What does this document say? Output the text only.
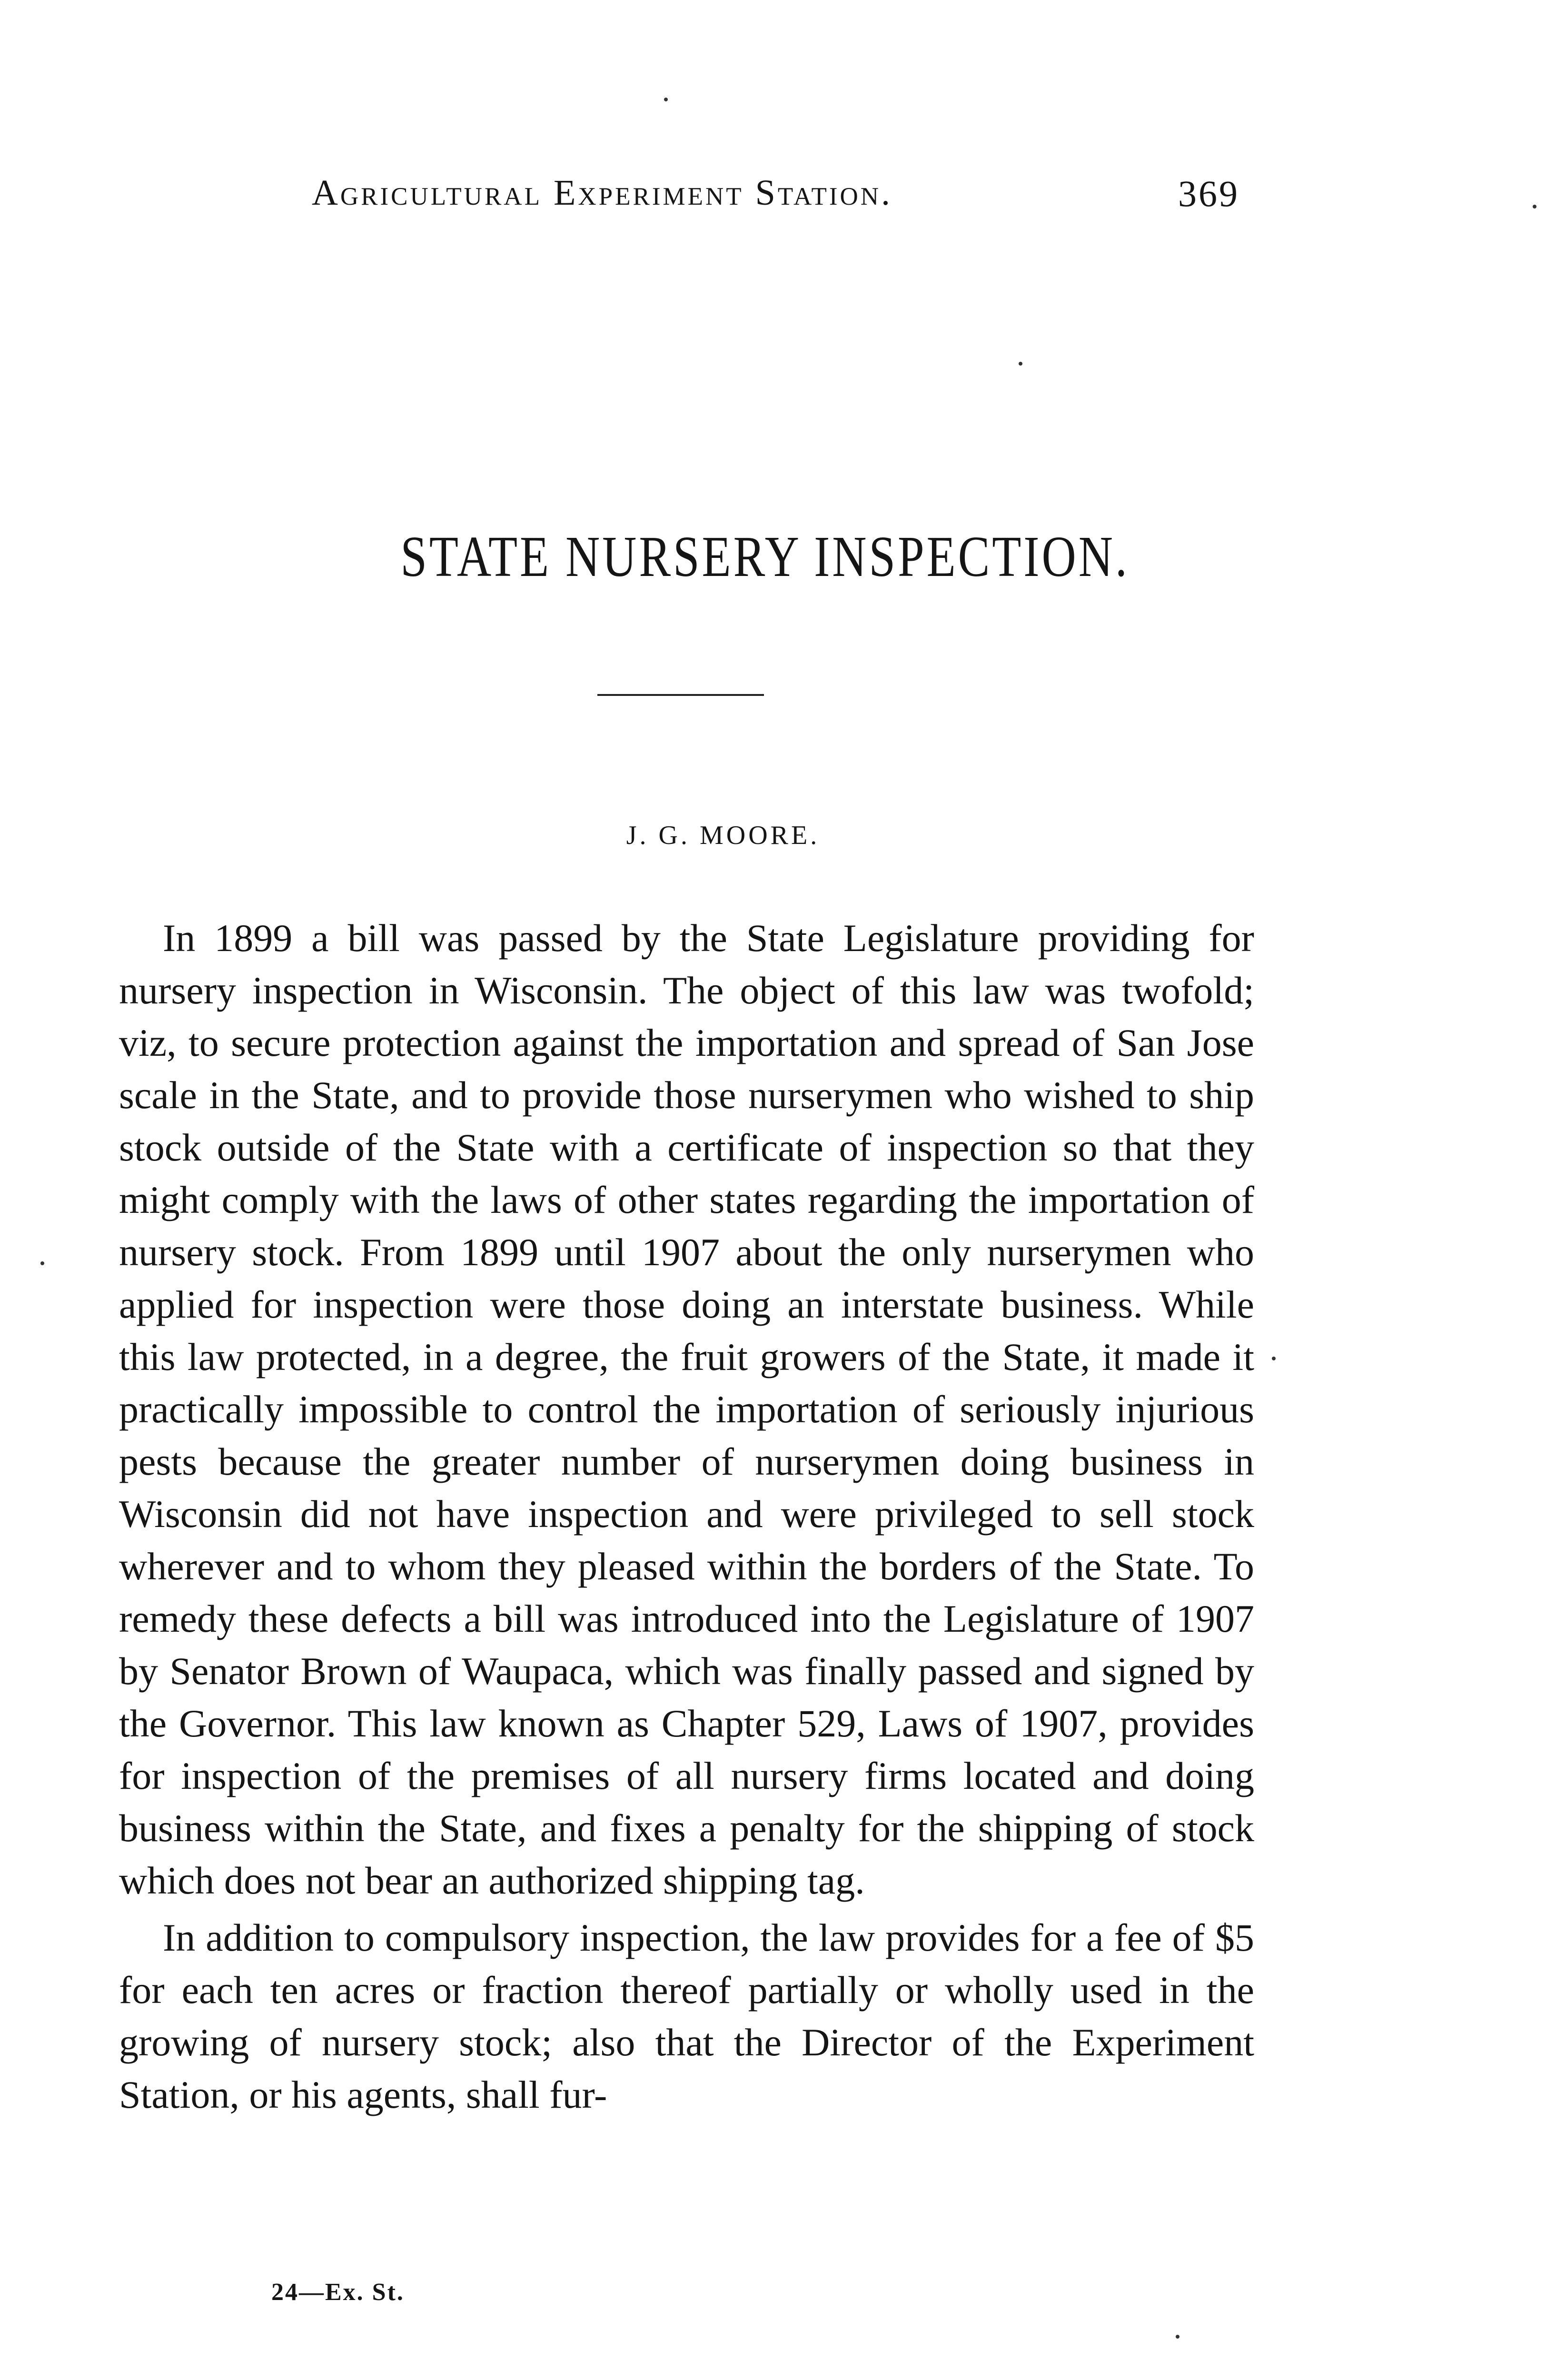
Agricultural Experiment Station.	369
STATE NURSERY INSPECTION.
J. G. MOORE.

In 1899 a bill was passed by the State Legislature providing for nursery inspection in Wisconsin. The object of this law was twofold; viz, to secure protection against the importation and spread of San Jose scale in the State, and to provide those nurserymen who wished to ship stock outside of the State with a certificate of inspection so that they might comply with the laws of other states regarding the importation of nursery stock. From 1899 until 1907 about the only nurserymen who applied for inspection were those doing an interstate business. While this law protected, in a degree, the fruit growers of the State, it made it practically impossible to control the importation of seriously injurious pests because the greater number of nurserymen doing business in Wisconsin did not have inspection and were privileged to sell stock wherever and to whom they pleased within the borders of the State. To remedy these defects a bill was introduced into the Legislature of 1907 by Senator Brown of Waupaca, which was finally passed and signed by the Governor. This law known as Chapter 529, Laws of 1907, provides for inspection of the premises of all nursery firms located and doing business within the State, and fixes a penalty for the shipping of stock which does not bear an authorized shipping tag.

In addition to compulsory inspection, the law provides for a fee of $5 for each ten acres or fraction thereof partially or wholly used in the growing of nursery stock; also that the Director of the Experiment Station, or his agents, shall fur-

24—Ex. St.
